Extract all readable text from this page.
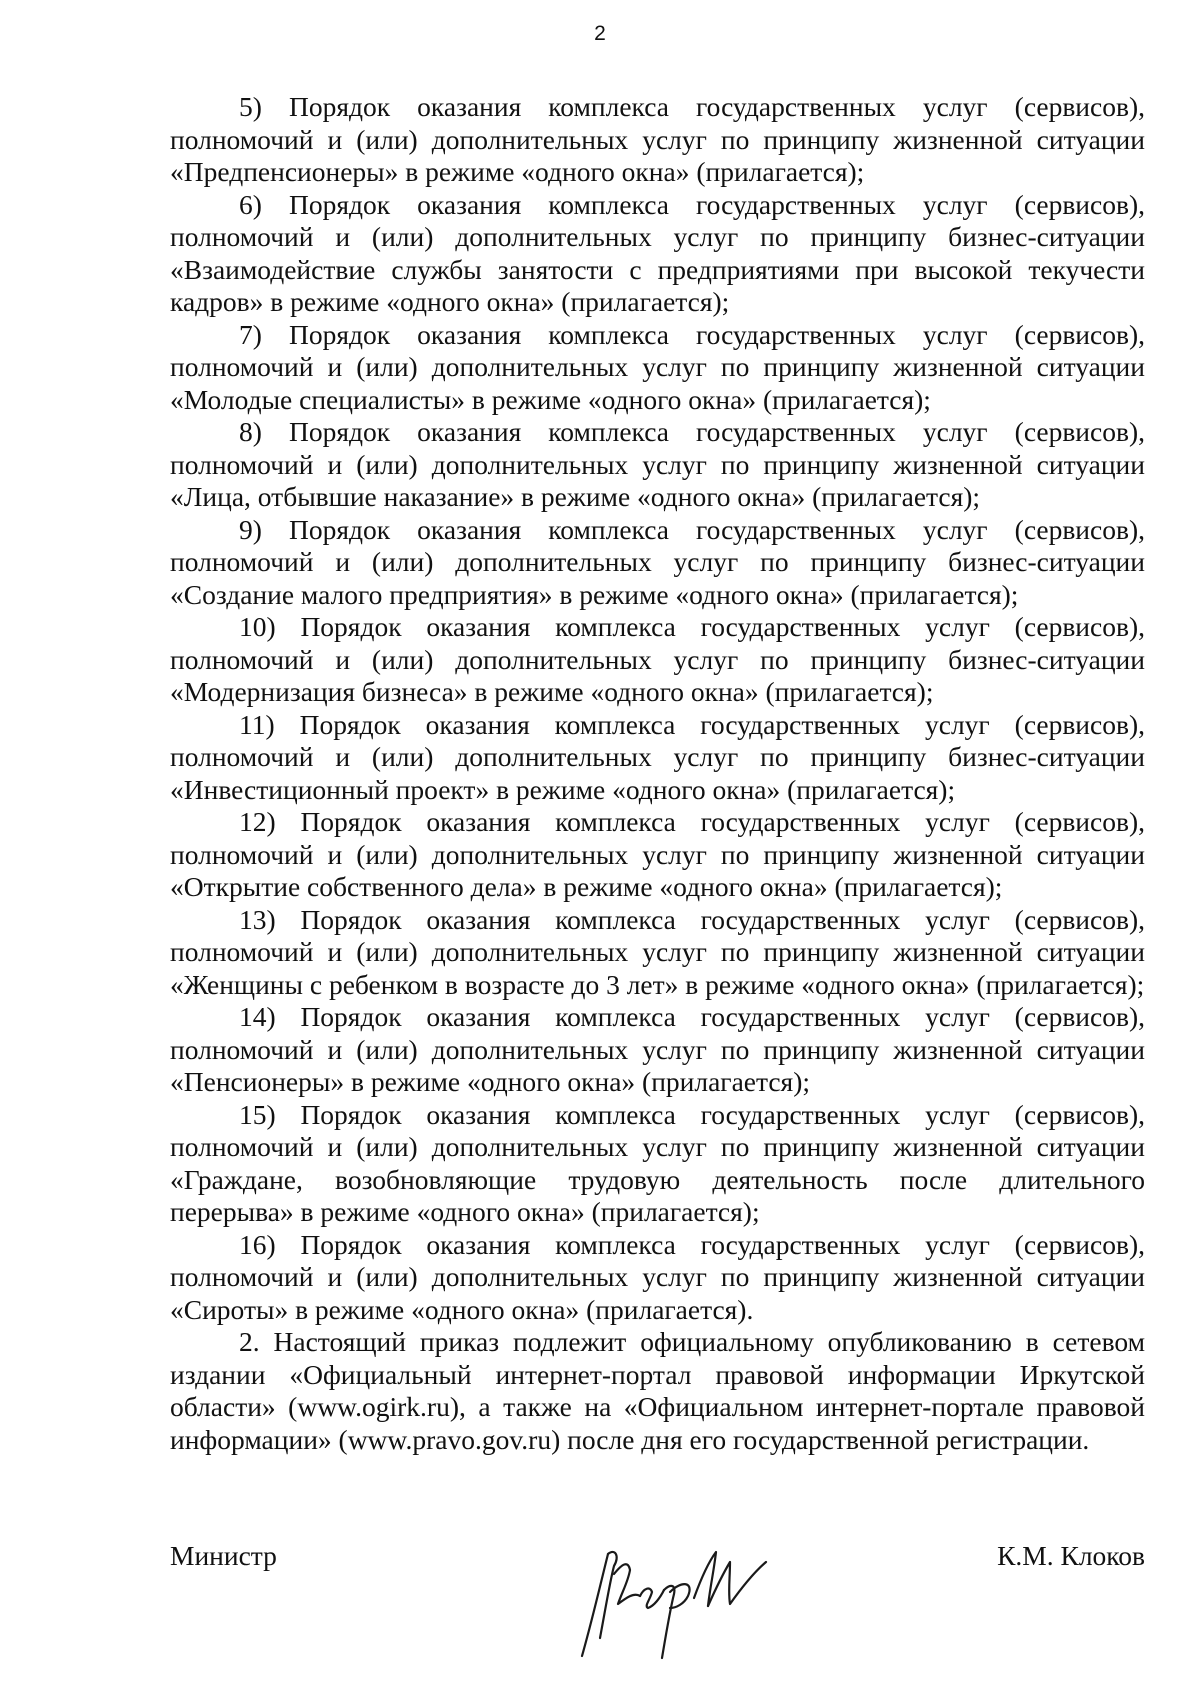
2

5) Порядок оказания комплекса государственных услуг (сервисов), полномочий и (или) дополнительных услуг по принципу жизненной ситуации «Предпенсионеры» в режиме «одного окна» (прилагается);

6) Порядок оказания комплекса государственных услуг (сервисов), полномочий и (или) дополнительных услуг по принципу бизнес-ситуации «Взаимодействие службы занятости с предприятиями при высокой текучести кадров» в режиме «одного окна» (прилагается);

7) Порядок оказания комплекса государственных услуг (сервисов), полномочий и (или) дополнительных услуг по принципу жизненной ситуации «Молодые специалисты» в режиме «одного окна» (прилагается);

8) Порядок оказания комплекса государственных услуг (сервисов), полномочий и (или) дополнительных услуг по принципу жизненной ситуации «Лица, отбывшие наказание» в режиме «одного окна» (прилагается);

9) Порядок оказания комплекса государственных услуг (сервисов), полномочий и (или) дополнительных услуг по принципу бизнес-ситуации «Создание малого предприятия» в режиме «одного окна» (прилагается);

10) Порядок оказания комплекса государственных услуг (сервисов), полномочий и (или) дополнительных услуг по принципу бизнес-ситуации «Модернизация бизнеса» в режиме «одного окна» (прилагается);

11) Порядок оказания комплекса государственных услуг (сервисов), полномочий и (или) дополнительных услуг по принципу бизнес-ситуации «Инвестиционный проект» в режиме «одного окна» (прилагается);

12) Порядок оказания комплекса государственных услуг (сервисов), полномочий и (или) дополнительных услуг по принципу жизненной ситуации «Открытие собственного дела» в режиме «одного окна» (прилагается);

13) Порядок оказания комплекса государственных услуг (сервисов), полномочий и (или) дополнительных услуг по принципу жизненной ситуации «Женщины с ребенком в возрасте до 3 лет» в режиме «одного окна» (прилагается);

14) Порядок оказания комплекса государственных услуг (сервисов), полномочий и (или) дополнительных услуг по принципу жизненной ситуации «Пенсионеры» в режиме «одного окна» (прилагается);

15) Порядок оказания комплекса государственных услуг (сервисов), полномочий и (или) дополнительных услуг по принципу жизненной ситуации «Граждане, возобновляющие трудовую деятельность после длительного перерыва» в режиме «одного окна» (прилагается);

16) Порядок оказания комплекса государственных услуг (сервисов), полномочий и (или) дополнительных услуг по принципу жизненной ситуации «Сироты» в режиме «одного окна» (прилагается).

2. Настоящий приказ подлежит официальному опубликованию в сетевом издании «Официальный интернет-портал правовой информации Иркутской области» (www.ogirk.ru), а также на «Официальном интернет-портале правовой информации» (www.pravo.gov.ru) после дня его государственной регистрации.

Министр	К.М. Клоков
